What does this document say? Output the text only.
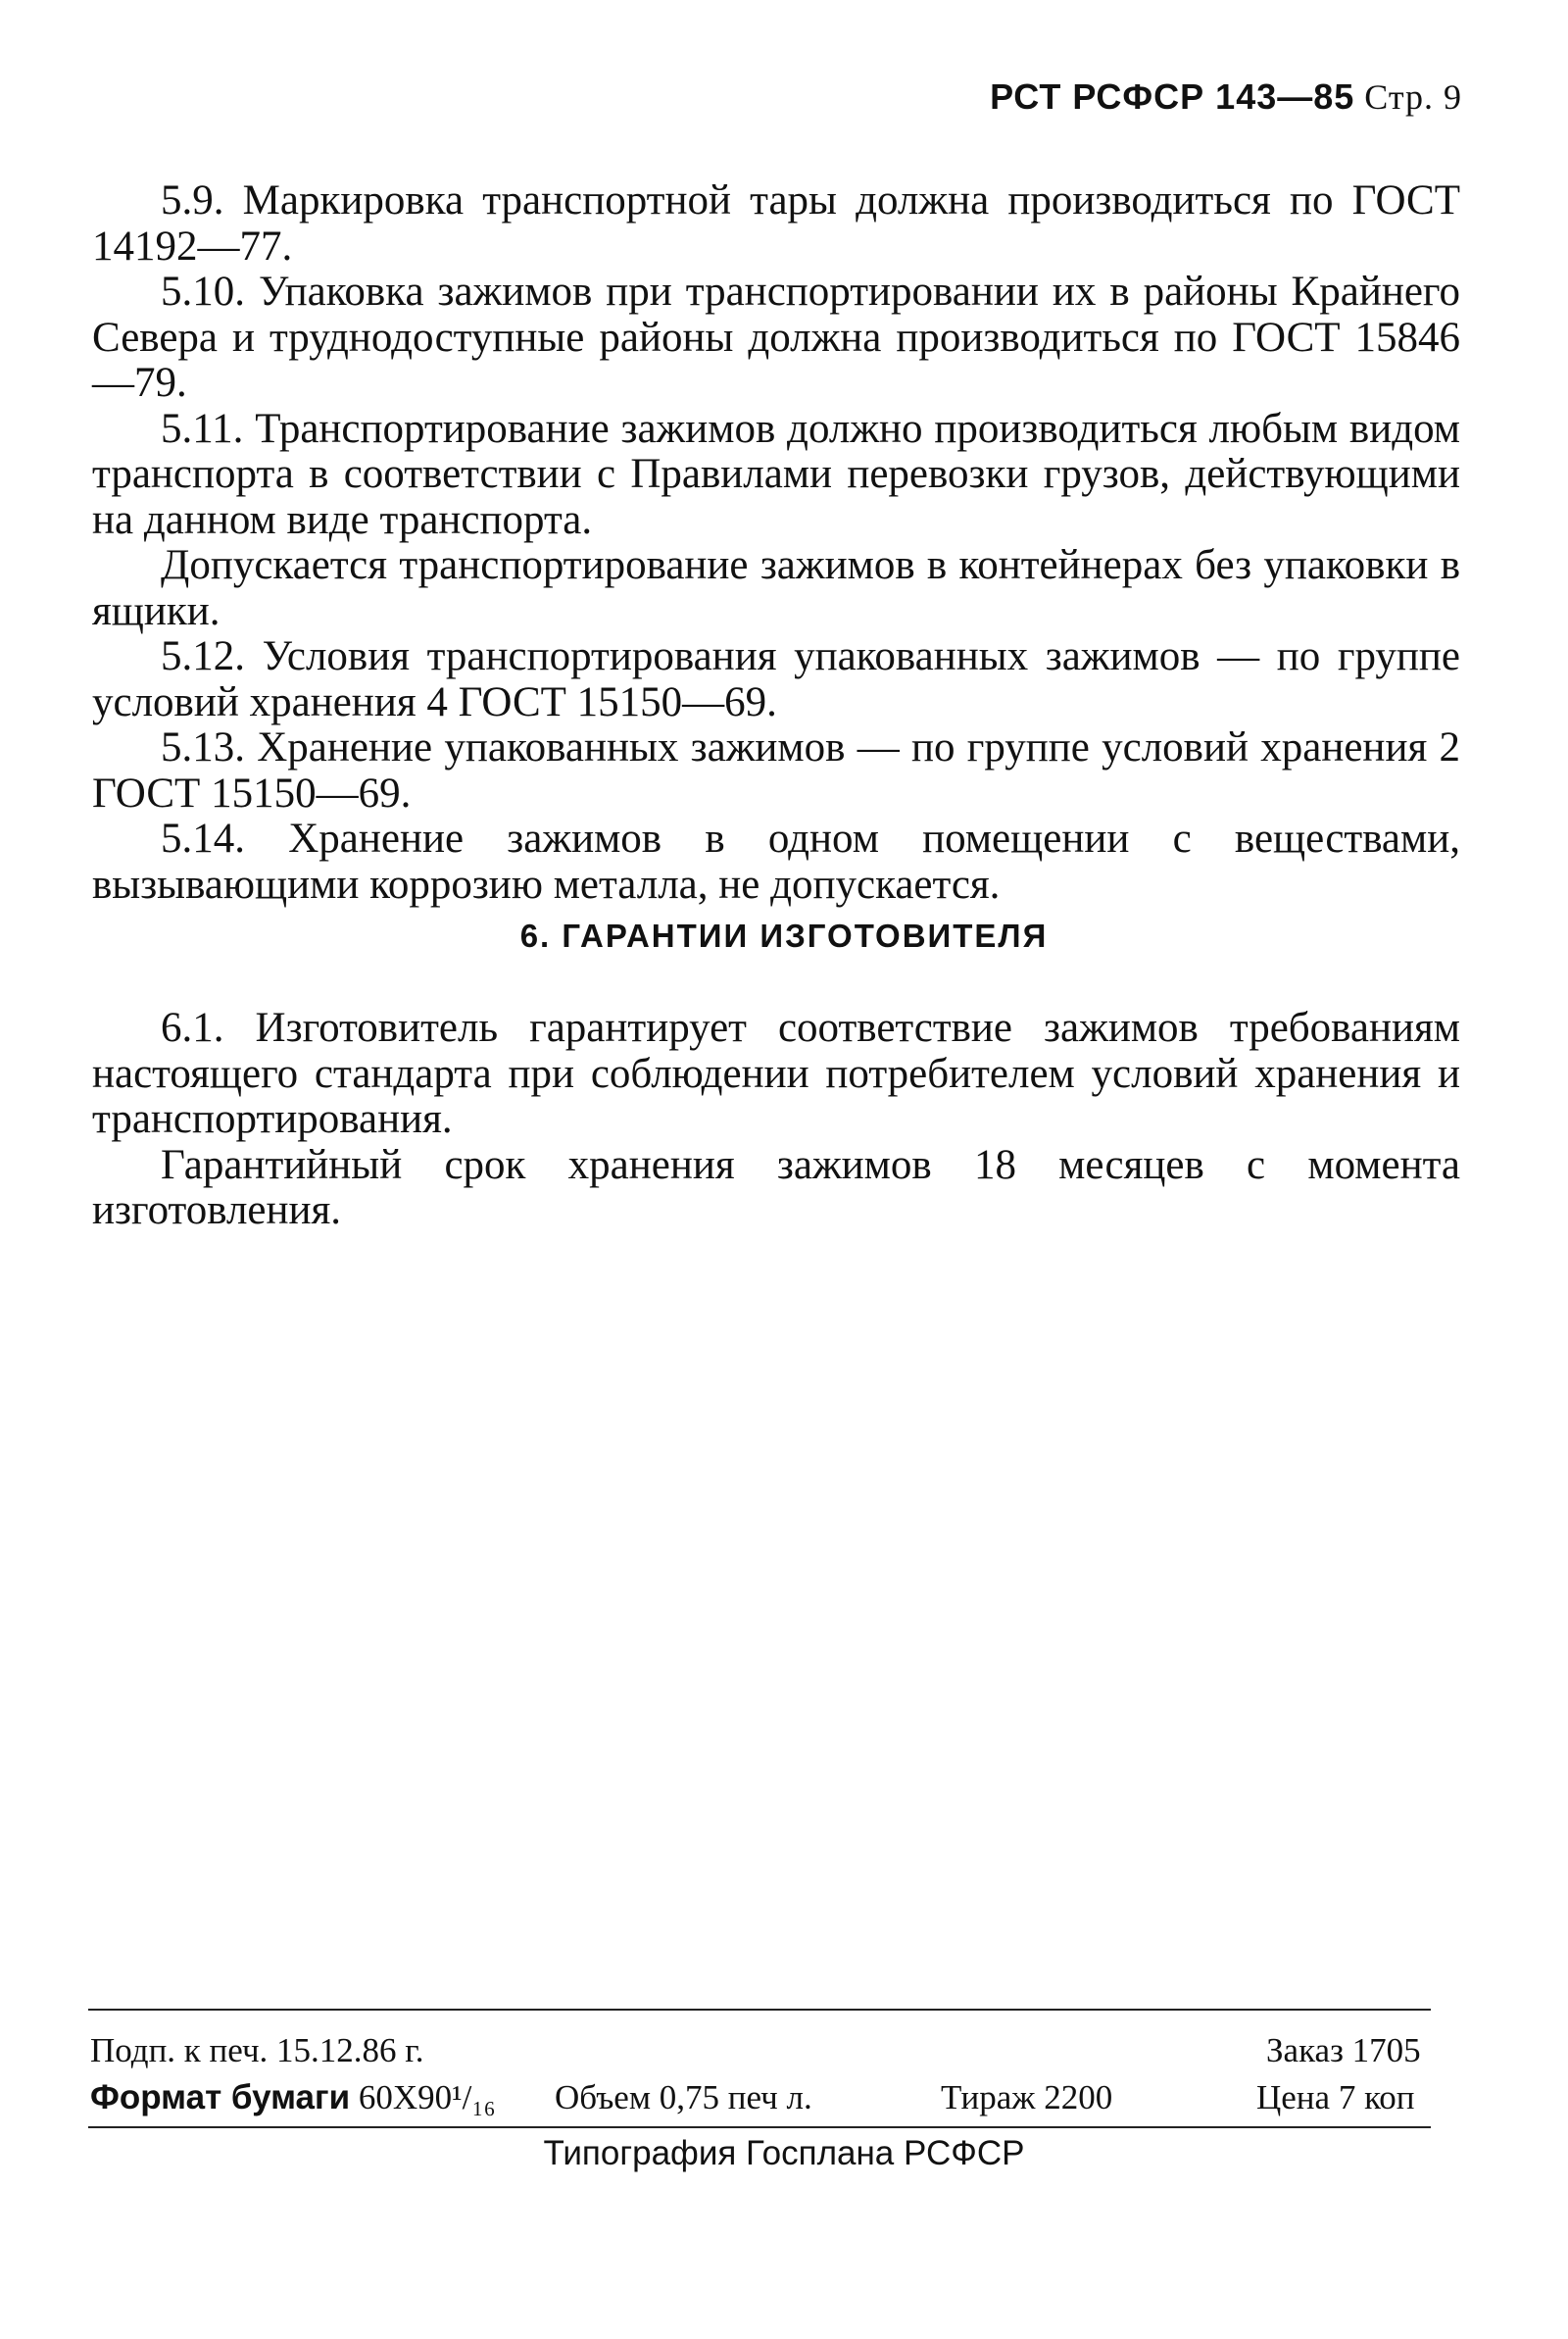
РСТ РСФСР 143—85 Стр. 9

5.9. Маркировка транспортной тары должна производиться по ГОСТ 14192—77.

5.10. Упаковка зажимов при транспортировании их в районы Крайнего Севера и труднодоступные районы должна производиться по ГОСТ 15846—79.

5.11. Транспортирование зажимов должно производиться любым видом транспорта в соответствии с Правилами перевозки грузов, действующими на данном виде транспорта.

Допускается транспортирование зажимов в контейнерах без упаковки в ящики.

5.12. Условия транспортирования упакованных зажимов — по группе условий хранения 4 ГОСТ 15150—69.

5.13. Хранение упакованных зажимов — по группе условий хранения 2 ГОСТ 15150—69.

5.14. Хранение зажимов в одном помещении с веществами, вызывающими коррозию металла, не допускается.

6. ГАРАНТИИ ИЗГОТОВИТЕЛЯ

6.1. Изготовитель гарантирует соответствие зажимов требованиям настоящего стандарта при соблюдении потребителем условий хранения и транспортирования.

Гарантийный срок хранения зажимов 18 месяцев с момента изготовления.

Подп. к печ. 15.12.86 г.	Заказ 1705
Формат бумаги 60X90¹/₁₆ Объем 0,75 печ л.	Тираж 2200	Цена 7 коп
Типография Госплана РСФСР
